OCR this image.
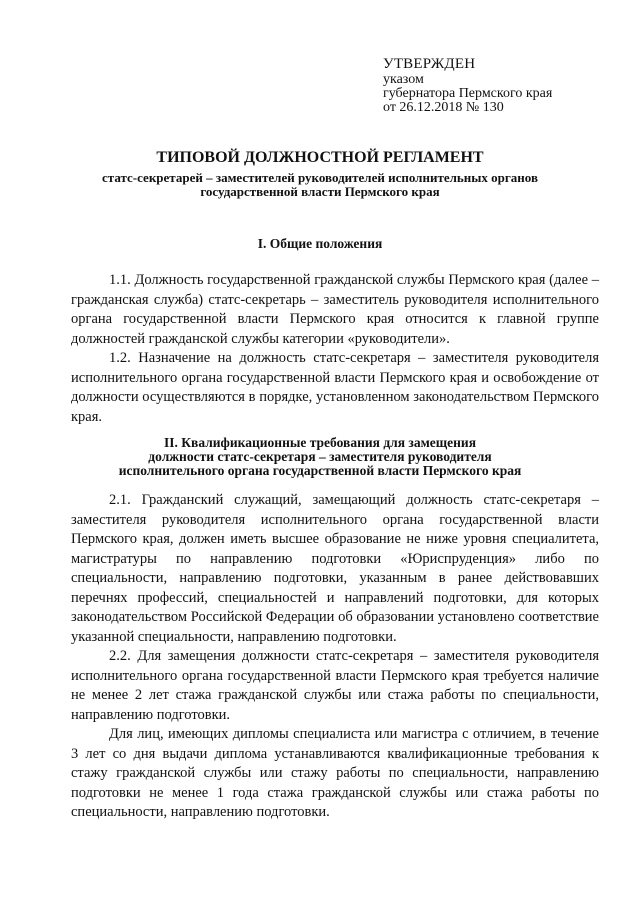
УТВЕРЖДЕН
указом
губернатора Пермского края
от 26.12.2018 № 130
ТИПОВОЙ ДОЛЖНОСТНОЙ РЕГЛАМЕНТ
статс-секретарей – заместителей руководителей исполнительных органов
государственной власти Пермского края
I. Общие положения

1.1. Должность государственной гражданской службы Пермского края (далее – гражданская служба) статс-секретарь – заместитель руководителя исполнительного органа государственной власти Пермского края относится к главной группе должностей гражданской службы категории «руководители».

1.2. Назначение на должность статс-секретаря – заместителя руководителя исполнительного органа государственной власти Пермского края и освобождение от должности осуществляются в порядке, установленном законодательством Пермского края.

II. Квалификационные требования для замещения
должности статс-секретаря – заместителя руководителя
исполнительного органа государственной власти Пермского края

2.1. Гражданский служащий, замещающий должность статс-секретаря – заместителя руководителя исполнительного органа государственной власти Пермского края, должен иметь высшее образование не ниже уровня специалитета, магистратуры по направлению подготовки «Юриспруденция» либо по специальности, направлению подготовки, указанным в ранее действовавших перечнях профессий, специальностей и направлений подготовки, для которых законодательством Российской Федерации об образовании установлено соответствие указанной специальности, направлению подготовки.

2.2. Для замещения должности статс-секретаря – заместителя руководителя исполнительного органа государственной власти Пермского края требуется наличие не менее 2 лет стажа гражданской службы или стажа работы по специальности, направлению подготовки.

Для лиц, имеющих дипломы специалиста или магистра с отличием, в течение 3 лет со дня выдачи диплома устанавливаются квалификационные требования к стажу гражданской службы или стажу работы по специальности, направлению подготовки не менее 1 года стажа гражданской службы или стажа работы по специальности, направлению подготовки.
